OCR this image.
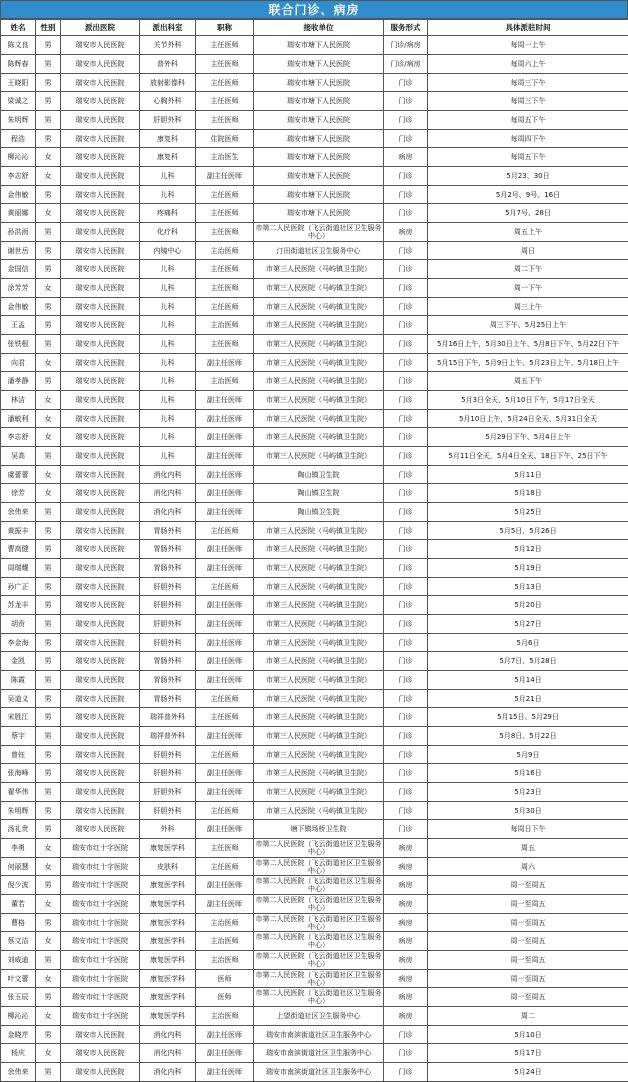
联合门诊、病房
姓名	性别	派出医院	派出科室	职称	接收单位	服务形式	具体派驻时间
陈文良	男	瑞安市人民医院	关节外科	主任医师	瑞安市塘下人民医院	门诊/病房	每周一上午
陈辉春	男	瑞安市人民医院	普外科	主任医师	瑞安市塘下人民医院	门诊/病房	每周六上午
王晓阳	男	瑞安市人民医院	放射影像科	主任医师	瑞安市塘下人民医院	门诊	每周三下午
梁诚之	男	瑞安市人民医院	心胸外科	主任医师	瑞安市塘下人民医院	门诊	每周三下午
朱明辉	男	瑞安市人民医院	肝胆外科	主任医师	瑞安市塘下人民医院	门诊	每周五下午
程浩	男	瑞安市人民医院	康复科	住院医师	瑞安市塘下人民医院	门诊	每周四下午
柳沁沁	女	瑞安市人民医院	康复科	主治医生	瑞安市塘下人民医院	病房	每周五下午
李志舒	女	瑞安市人民医院	儿科	副主任医师	瑞安市塘下人民医院	门诊	5月23、30日
金伟敏	男	瑞安市人民医院	儿科	主任医师	瑞安市塘下人民医院	门诊	5月2号、9号、16日
黄丽娜	女	瑞安市人民医院	疼痛科	主任医师	瑞安市塘下人民医院	门诊	5月7号、28日
孙洪雨	男	瑞安市人民医院	化疗科	主任医师	市第二人民医院（飞云街道社区卫生服务中心）	病房	周五上午
谢世岳	男	瑞安市人民医院	内镜中心	主治医师	汀田街道社区卫生服务中心	门诊	周日
金国信	男	瑞安市人民医院	儿科	主任医师	市第三人民医院（马屿镇卫生院）	门诊	周二下午
涂芳芳	女	瑞安市人民医院	儿科	主任医师	市第三人民医院（马屿镇卫生院）	门诊	周一下午
金伟敏	男	瑞安市人民医院	儿科	主任医师	市第三人民医院（马屿镇卫生院）	门诊	周三上午
王孟	男	瑞安市人民医院	儿科	主治医师	市第三人民医院（马屿镇卫生院）	门诊	周三下午、5月25日上午
张铁根	男	瑞安市人民医院	儿科	主任医师	市第三人民医院（马屿镇卫生院）	门诊	5月16日上午，5月30日上午、5月8日下午、5月22日下午
向君	女	瑞安市人民医院	儿科	副主任医师	市第三人民医院（马屿镇卫生院）	门诊	5月15日下午，5月9日上午、5月23日上午、5月18日上午
潘孝静	男	瑞安市人民医院	儿科	主治医师	市第三人民医院（马屿镇卫生院）	门诊	周五下午
林洁	女	瑞安市人民医院	儿科	副主任医师	市第三人民医院（马屿镇卫生院）	门诊	5月3日全天，5月10日下午，5月17日全天
潘敏利	女	瑞安市人民医院	儿科	副主任医师	市第三人民医院（马屿镇卫生院）	门诊	5月10日上午，5月24日全天、5月31日全天
李志舒	女	瑞安市人民医院	儿科	副主任医师	市第三人民医院（马屿镇卫生院）	门诊	5月29日下午、5月4日上午
吴高	男	瑞安市人民医院	儿科	副主任医师	市第三人民医院（马屿镇卫生院）	门诊	5月11日全天，5月4日全天、18日下午、25日下午
虞蕾蕾	女	瑞安市人民医院	消化内科	副主任医师	陶山镇卫生院	门诊	5月11日
徐芳	女	瑞安市人民医院	消化内科	副主任医师	陶山镇卫生院	门诊	5月18日
余伟来	男	瑞安市人民医院	消化内科	副主任医师	陶山镇卫生院	门诊	5月25日
黄振丰	男	瑞安市人民医院	胃肠外科	主任医师	市第三人民医院（马屿镇卫生院）	门诊	5月5日、5月26日
曹高健	男	瑞安市人民医院	胃肠外科	副主任医师	市第三人民医院（马屿镇卫生院）	门诊	5月12日
周瑞耀	男	瑞安市人民医院	胃肠外科	副主任医师	市第三人民医院（马屿镇卫生院）	门诊	5月19日
孙广正	男	瑞安市人民医院	肝胆外科	主任医师	市第三人民医院（马屿镇卫生院）	门诊	5月13日
苏龙丰	男	瑞安市人民医院	肝胆外科	副主任医师	市第三人民医院（马屿镇卫生院）	门诊	5月20日
胡贲	男	瑞安市人民医院	肝胆外科	副主任医师	市第三人民医院（马屿镇卫生院）	门诊	5月27日
李金海	男	瑞安市人民医院	肝胆外科	副主任医师	市第三人民医院（马屿镇卫生院）	门诊	5月6日
金凯	男	瑞安市人民医院	胃肠外科	副主任医师	市第三人民医院（马屿镇卫生院）	门诊	5月7日、5月28日
陈霞	男	瑞安市人民医院	胃肠外科	副主任医师	市第三人民医院（马屿镇卫生院）	门诊	5月14日
吴道义	男	瑞安市人民医院	胃肠外科	主任医师	市第三人民医院（马屿镇卫生院）	门诊	5月21日
宋胜江	男	瑞安市人民医院	瑞祥普外科	主任医师	市第三人民医院（马屿镇卫生院）	门诊	5月15日、5月29日
蔡宇	男	瑞安市人民医院	瑞祥普外科	副主任医师	市第三人民医院（马屿镇卫生院）	门诊	5月8日、5月22日
曾钰	男	瑞安市人民医院	肝胆外科	主任医师	市第三人民医院（马屿镇卫生院）	门诊	5月9日
张海峰	男	瑞安市人民医院	肝胆外科	副主任医师	市第三人民医院（马屿镇卫生院）	门诊	5月16日
翟华伟	男	瑞安市人民医院	肝胆外科	副主任医师	市第三人民医院（马屿镇卫生院）	门诊	5月23日
朱明辉	男	瑞安市人民医院	肝胆外科	主任医师	市第三人民医院（马屿镇卫生院）	门诊	5月30日
汤礼贵	男	瑞安市人民医院	外科	副主任医师	塘下镇场桥卫生院	门诊	每周日下午
李勇	女	瑞安市红十字医院	康复医学科	主任医师	市第二人民医院（飞云街道社区卫生服务中心）	病房	周五
何丽慧	女	瑞安市红十字医院	皮肤科	主任医师	市第二人民医院（飞云街道社区卫生服务中心）	病房	周六
倪少波	男	瑞安市红十字医院	康复医学科	副主任医师	市第二人民医院（飞云街道社区卫生服务中心）	病房	周一至周五
董若	女	瑞安市红十字医院	康复医学科	副主任医师	市第二人民医院（飞云街道社区卫生服务中心）	病房	周一至周五
曹格	男	瑞安市红十字医院	康复医学科	主治医师	市第二人民医院（飞云街道社区卫生服务中心）	病房	周一至周五
蔡文洁	女	瑞安市红十字医院	康复医学科	主治医师	市第二人民医院（飞云街道社区卫生服务中心）	病房	周一至周五
刘威迪	男	瑞安市红十字医院	康复医学科	主治医师	市第二人民医院（飞云街道社区卫生服务中心）	病房	周一至周五
叶文蕾	女	瑞安市红十字医院	康复医学科	医师	市第二人民医院（飞云街道社区卫生服务中心）	病房	周一至周五
张玉辰	男	瑞安市红十字医院	康复医学科	医师	市第二人民医院（飞云街道社区卫生服务中心）	病房	周一至周五
柳沁沁	女	瑞安市红十字医院	康复医学科	主治医师	上望街道社区卫生服务中心	病房	周二
金晓芹	男	瑞安市人民医院	消化内科	副主任医师	瑞安市南滨街道社区卫生服务中心	门诊	5月10日
杨庆	女	瑞安市人民医院	消化内科	副主任医师	瑞安市南滨街道社区卫生服务中心	门诊	5月17日
余伟来	男	瑞安市人民医院	消化内科	副主任医师	瑞安市南滨街道社区卫生服务中心	门诊	5月24日
